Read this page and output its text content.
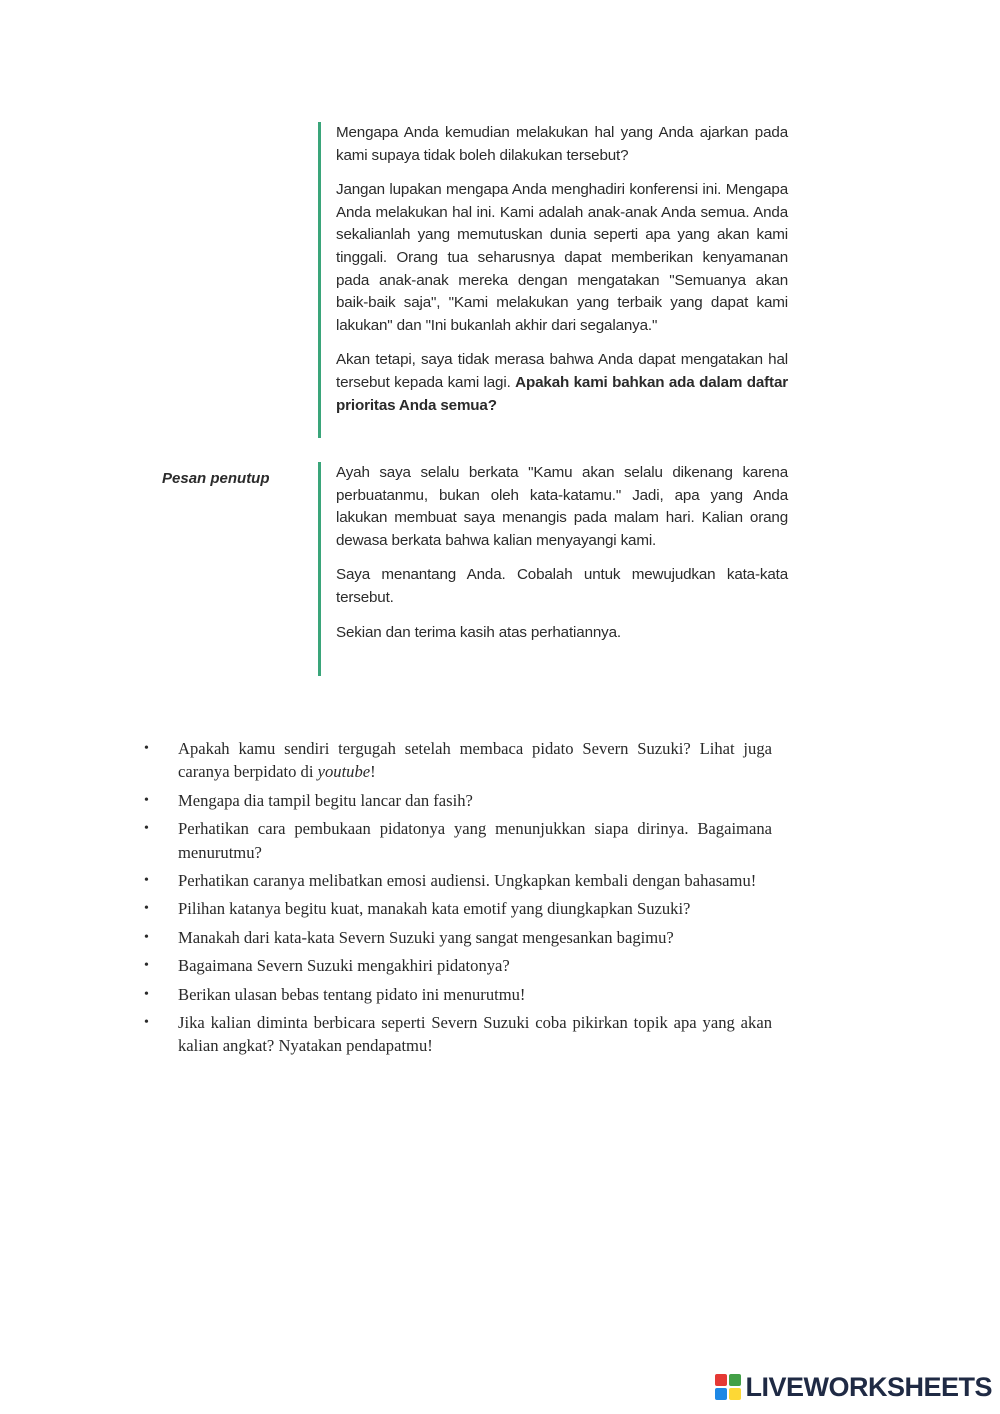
Mengapa Anda kemudian melakukan hal yang Anda ajarkan pada kami supaya tidak boleh dilakukan tersebut?

Jangan lupakan mengapa Anda menghadiri konferensi ini. Mengapa Anda melakukan hal ini. Kami adalah anak-anak Anda semua. Anda sekalianlah yang memutuskan dunia seperti apa yang akan kami tinggali. Orang tua seharusnya dapat memberikan kenyamanan pada anak-anak mereka dengan mengatakan "Semuanya akan baik-baik saja", "Kami melakukan yang terbaik yang dapat kami lakukan" dan "Ini bukanlah akhir dari segalanya."

Akan tetapi, saya tidak merasa bahwa Anda dapat mengatakan hal tersebut kepada kami lagi. Apakah kami bahkan ada dalam daftar prioritas Anda semua?

Pesan penutup	Ayah saya selalu berkata "Kamu akan selalu dikenang karena perbuatanmu, bukan oleh kata-katamu." Jadi, apa yang Anda lakukan membuat saya menangis pada malam hari. Kalian orang dewasa berkata bahwa kalian menyayangi kami.

Saya menantang Anda. Cobalah untuk mewujudkan kata-kata tersebut.

Sekian dan terima kasih atas perhatiannya.

• Apakah kamu sendiri tergugah setelah membaca pidato Severn Suzuki? Lihat juga caranya berpidato di youtube!
• Mengapa dia tampil begitu lancar dan fasih?
• Perhatikan cara pembukaan pidatonya yang menunjukkan siapa dirinya. Bagaimana menurutmu?
• Perhatikan caranya melibatkan emosi audiensi. Ungkapkan kembali dengan bahasamu!
• Pilihan katanya begitu kuat, manakah kata emotif yang diungkapkan Suzuki?
• Manakah dari kata-kata Severn Suzuki yang sangat mengesankan bagimu?
• Bagaimana Severn Suzuki mengakhiri pidatonya?
• Berikan ulasan bebas tentang pidato ini menurutmu!
• Jika kalian diminta berbicara seperti Severn Suzuki coba pikirkan topik apa yang akan kalian angkat? Nyatakan pendapatmu!
LIVEWORKSHEETS
